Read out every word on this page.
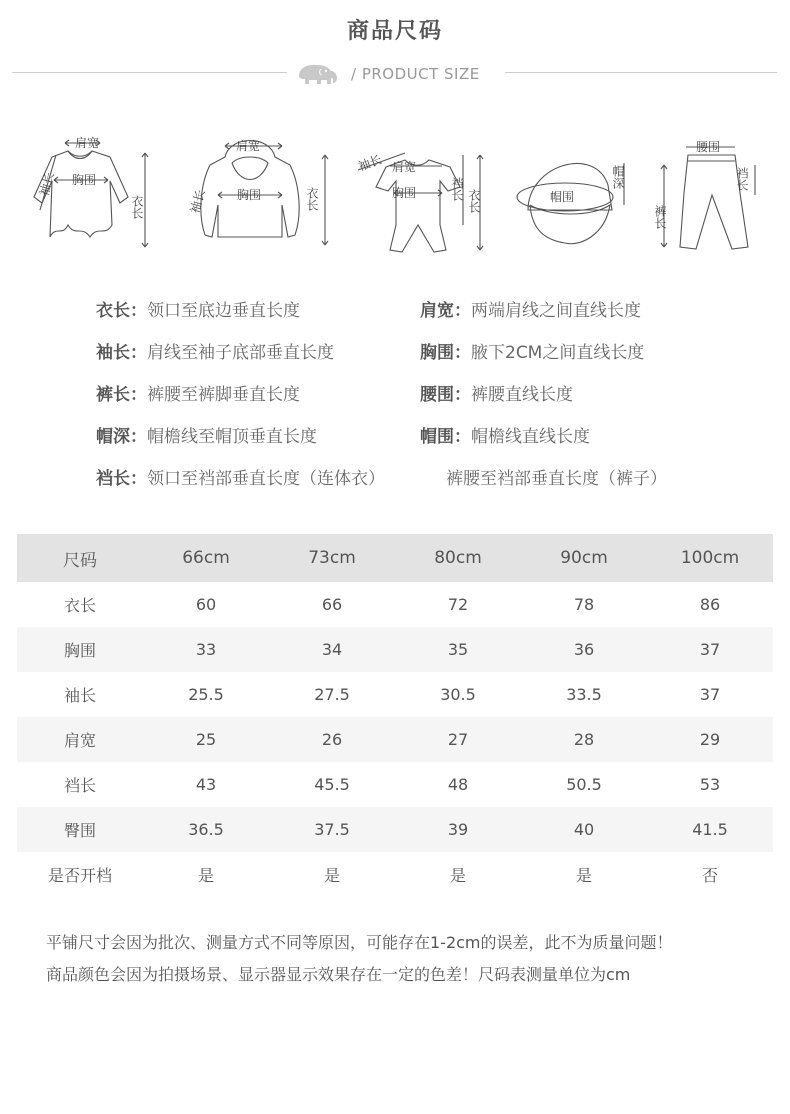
商品尺码
/ PRODUCT SIZE
肩宽
袖长 胸围
衣长
肩宽
袖长 胸围	衣长
袖长 肩宽
胸围	裆长 衣长	帽围
帽深
腰围
裤长
裆长
衣长：领口至底边垂直长度	肩宽：两端肩线之间直线长度
袖长：肩线至袖子底部垂直长度	胸围：腋下2CM之间直线长度
裤长：裤腰至裤脚垂直长度	腰围：裤腰直线长度
帽深：帽檐线至帽顶垂直长度	帽围：帽檐线直线长度
裆长：领口至裆部垂直长度（连体衣）	裤腰至裆部垂直长度（裤子）
尺码	66cm	73cm	80cm	90cm	100cm
衣长	60	66	72	78	86
胸围	33	34	35	36	37
袖长	25.5	27.5	30.5	33.5	37
肩宽	25	26	27	28	29
裆长	43	45.5	48	50.5	53
臀围	36.5	37.5	39	40	41.5
是否开档	是	是	是	是	否
平铺尺寸会因为批次、测量方式不同等原因，可能存在1-2cm的误差，此不为质量问题！
商品颜色会因为拍摄场景、显示器显示效果存在一定的色差！尺码表测量单位为cm
